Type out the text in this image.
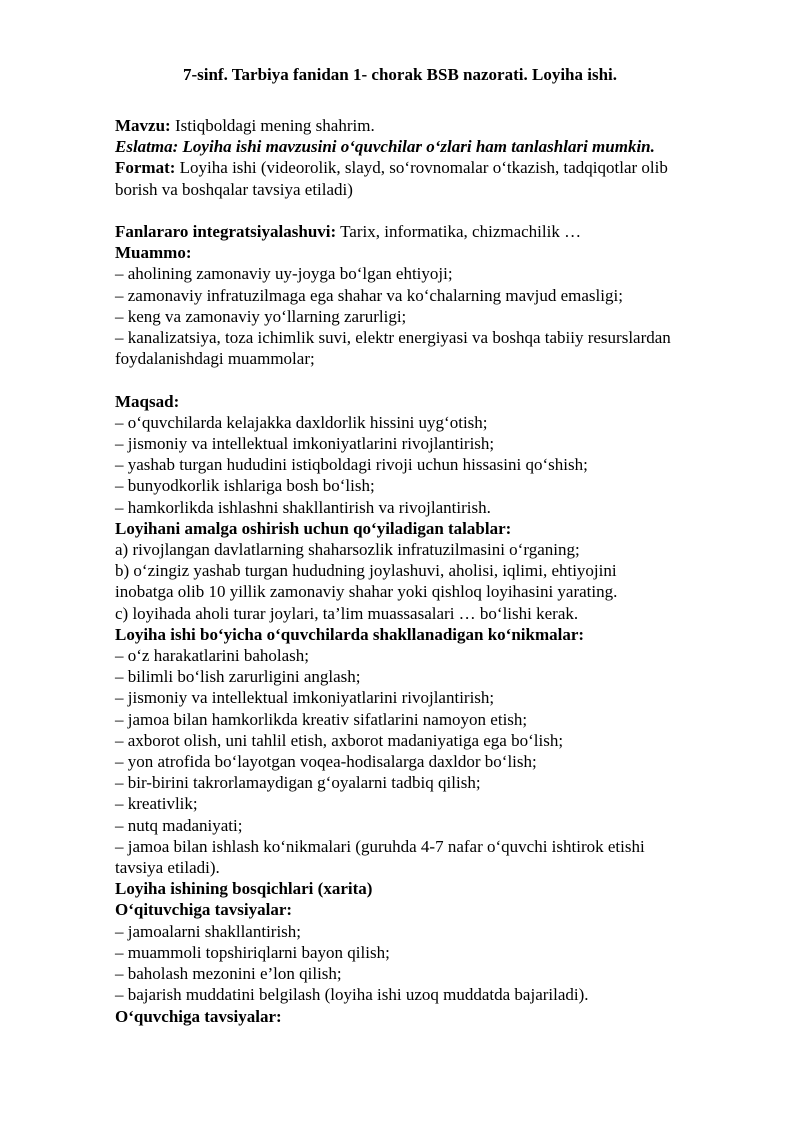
7-sinf. Tarbiya fanidan 1- chorak BSB nazorati. Loyiha ishi.

Mavzu: Istiqboldagi mening shahrim.

Eslatma: Loyiha ishi mavzusini o‘quvchilar o‘zlari ham tanlashlari mumkin.

Format: Loyiha ishi (videorolik, slayd, so‘rovnomalar o‘tkazish, tadqiqotlar olib

borish va boshqalar tavsiya etiladi)

Fanlararo integratsiyalashuvi: Tarix, informatika, chizmachilik …

Muammo:

– aholining zamonaviy uy-joyga bo‘lgan ehtiyoji;

– zamonaviy infratuzilmaga ega shahar va ko‘chalarning mavjud emasligi;

– keng va zamonaviy yo‘llarning zarurligi;

– kanalizatsiya, toza ichimlik suvi, elektr energiyasi va boshqa tabiiy resurslardan

foydalanishdagi muammolar;

Maqsad:

– o‘quvchilarda kelajakka daxldorlik hissini uyg‘otish;

– jismoniy va intellektual imkoniyatlarini rivojlantirish;

– yashab turgan hududini istiqboldagi rivoji uchun hissasini qo‘shish;

– bunyodkorlik ishlariga bosh bo‘lish;

– hamkorlikda ishlashni shakllantirish va rivojlantirish.

Loyihani amalga oshirish uchun qo‘yiladigan talablar:

a) rivojlangan davlatlarning shaharsozlik infratuzilmasini o‘rganing;

b) o‘zingiz yashab turgan hududning joylashuvi, aholisi, iqlimi, ehtiyojini

inobatga olib 10 yillik zamonaviy shahar yoki qishloq loyihasini yarating.

c) loyihada aholi turar joylari, ta’lim muassasalari … bo‘lishi kerak.

Loyiha ishi bo‘yicha o‘quvchilarda shakllanadigan ko‘nikmalar:

– o‘z harakatlarini baholash;

– bilimli bo‘lish zarurligini anglash;

– jismoniy va intellektual imkoniyatlarini rivojlantirish;

– jamoa bilan hamkorlikda kreativ sifatlarini namoyon etish;

– axborot olish, uni tahlil etish, axborot madaniyatiga ega bo‘lish;

– yon atrofida bo‘layotgan voqea-hodisalarga daxldor bo‘lish;

– bir-birini takrorlamaydigan g‘oyalarni tadbiq qilish;

– kreativlik;

– nutq madaniyati;

– jamoa bilan ishlash ko‘nikmalari (guruhda 4-7 nafar o‘quvchi ishtirok etishi

tavsiya etiladi).

Loyiha ishining bosqichlari (xarita)

O‘qituvchiga tavsiyalar:

– jamoalarni shakllantirish;

– muammoli topshiriqlarni bayon qilish;

– baholash mezonini e’lon qilish;

– bajarish muddatini belgilash (loyiha ishi uzoq muddatda bajariladi).

O‘quvchiga tavsiyalar:
